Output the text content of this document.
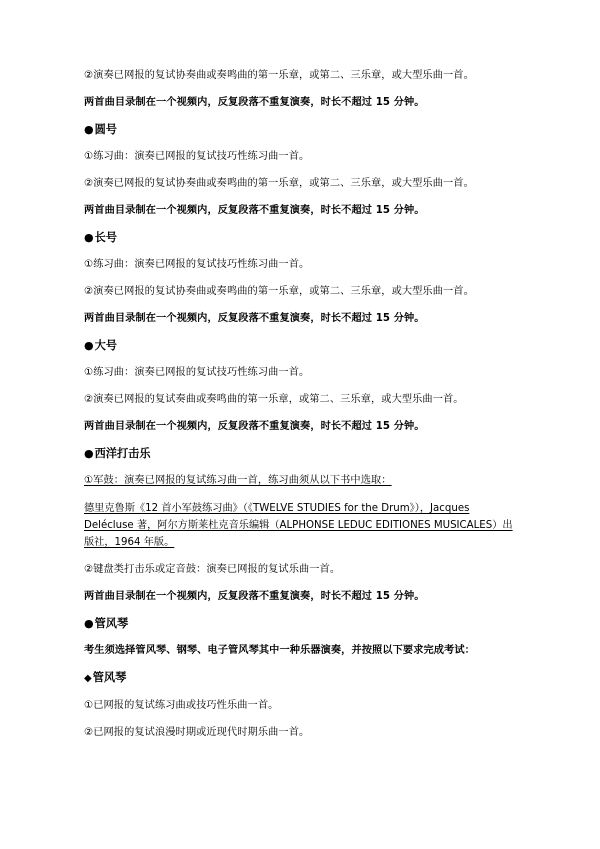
②演奏已网报的复试协奏曲或奏鸣曲的第一乐章，或第二、三乐章，或大型乐曲一首。

两首曲目录制在一个视频内，反复段落不重复演奏，时长不超过 15 分钟。

●圆号

①练习曲：演奏已网报的复试技巧性练习曲一首。

②演奏已网报的复试协奏曲或奏鸣曲的第一乐章，或第二、三乐章，或大型乐曲一首。

两首曲目录制在一个视频内，反复段落不重复演奏，时长不超过 15 分钟。

●长号

①练习曲：演奏已网报的复试技巧性练习曲一首。

②演奏已网报的复试协奏曲或奏鸣曲的第一乐章，或第二、三乐章，或大型乐曲一首。

两首曲目录制在一个视频内，反复段落不重复演奏，时长不超过 15 分钟。

●大号

①练习曲：演奏已网报的复试技巧性练习曲一首。

②演奏已网报的复试奏曲或奏鸣曲的第一乐章，或第二、三乐章，或大型乐曲一首。

两首曲目录制在一个视频内，反复段落不重复演奏，时长不超过 15 分钟。

●西洋打击乐

①军鼓：演奏已网报的复试练习曲一首，练习曲须从以下书中选取：

德里克鲁斯《12 首小军鼓练习曲》（《TWELVE STUDIES for the Drum》），Jacques Delécluse 著，阿尔方斯莱杜克音乐编辑（ALPHONSE LEDUC EDITIONES MUSICALES）出版社，1964 年版。

②键盘类打击乐或定音鼓：演奏已网报的复试乐曲一首。

两首曲目录制在一个视频内，反复段落不重复演奏，时长不超过 15 分钟。

●管风琴

考生须选择管风琴、钢琴、电子管风琴其中一种乐器演奏，并按照以下要求完成考试：

◆管风琴

①已网报的复试练习曲或技巧性乐曲一首。

②已网报的复试浪漫时期或近现代时期乐曲一首。
